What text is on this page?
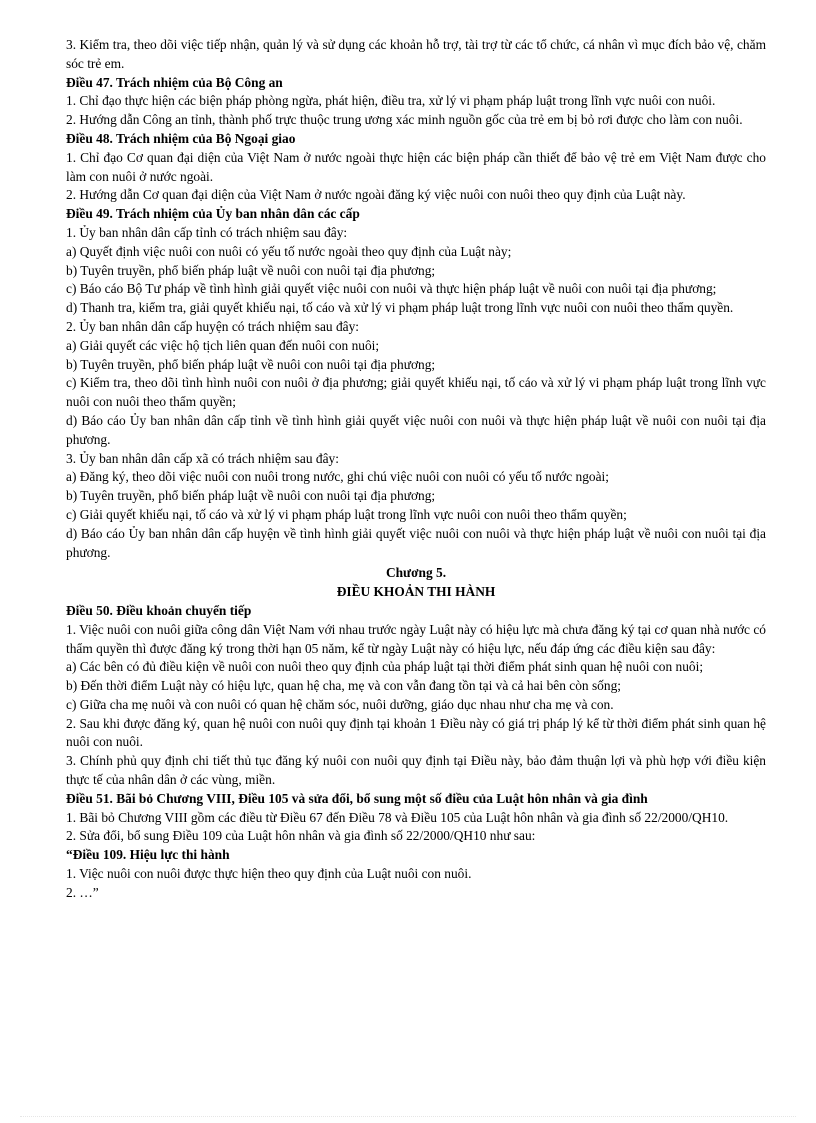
3. Kiểm tra, theo dõi việc tiếp nhận, quản lý và sử dụng các khoản hỗ trợ, tài trợ từ các tổ chức, cá nhân vì mục đích bảo vệ, chăm sóc trẻ em.
Điều 47. Trách nhiệm của Bộ Công an
1. Chỉ đạo thực hiện các biện pháp phòng ngừa, phát hiện, điều tra, xử lý vi phạm pháp luật trong lĩnh vực nuôi con nuôi.
2. Hướng dẫn Công an tỉnh, thành phố trực thuộc trung ương xác minh nguồn gốc của trẻ em bị bỏ rơi được cho làm con nuôi.
Điều 48. Trách nhiệm của Bộ Ngoại giao
1. Chỉ đạo Cơ quan đại diện của Việt Nam ở nước ngoài thực hiện các biện pháp cần thiết để bảo vệ trẻ em Việt Nam được cho làm con nuôi ở nước ngoài.
2. Hướng dẫn Cơ quan đại diện của Việt Nam ở nước ngoài đăng ký việc nuôi con nuôi theo quy định của Luật này.
Điều 49. Trách nhiệm của Ủy ban nhân dân các cấp
1. Ủy ban nhân dân cấp tỉnh có trách nhiệm sau đây:
a) Quyết định việc nuôi con nuôi có yếu tố nước ngoài theo quy định của Luật này;
b) Tuyên truyền, phổ biến pháp luật về nuôi con nuôi tại địa phương;
c) Báo cáo Bộ Tư pháp về tình hình giải quyết việc nuôi con nuôi và thực hiện pháp luật về nuôi con nuôi tại địa phương;
d) Thanh tra, kiểm tra, giải quyết khiếu nại, tố cáo và xử lý vi phạm pháp luật trong lĩnh vực nuôi con nuôi theo thẩm quyền.
2. Ủy ban nhân dân cấp huyện có trách nhiệm sau đây:
a) Giải quyết các việc hộ tịch liên quan đến nuôi con nuôi;
b) Tuyên truyền, phổ biến pháp luật về nuôi con nuôi tại địa phương;
c) Kiểm tra, theo dõi tình hình nuôi con nuôi ở địa phương; giải quyết khiếu nại, tố cáo và xử lý vi phạm pháp luật trong lĩnh vực nuôi con nuôi theo thẩm quyền;
d) Báo cáo Ủy ban nhân dân cấp tỉnh về tình hình giải quyết việc nuôi con nuôi và thực hiện pháp luật về nuôi con nuôi tại địa phương.
3. Ủy ban nhân dân cấp xã có trách nhiệm sau đây:
a) Đăng ký, theo dõi việc nuôi con nuôi trong nước, ghi chú việc nuôi con nuôi có yếu tố nước ngoài;
b) Tuyên truyền, phổ biến pháp luật về nuôi con nuôi tại địa phương;
c) Giải quyết khiếu nại, tố cáo và xử lý vi phạm pháp luật trong lĩnh vực nuôi con nuôi theo thẩm quyền;
d) Báo cáo Ủy ban nhân dân cấp huyện về tình hình giải quyết việc nuôi con nuôi và thực hiện pháp luật về nuôi con nuôi tại địa phương.
Chương 5.
ĐIỀU KHOẢN THI HÀNH
Điều 50. Điều khoản chuyển tiếp
1. Việc nuôi con nuôi giữa công dân Việt Nam với nhau trước ngày Luật này có hiệu lực mà chưa đăng ký tại cơ quan nhà nước có thẩm quyền thì được đăng ký trong thời hạn 05 năm, kể từ ngày Luật này có hiệu lực, nếu đáp ứng các điều kiện sau đây:
a) Các bên có đủ điều kiện về nuôi con nuôi theo quy định của pháp luật tại thời điểm phát sinh quan hệ nuôi con nuôi;
b) Đến thời điểm Luật này có hiệu lực, quan hệ cha, mẹ và con vẫn đang tồn tại và cả hai bên còn sống;
c) Giữa cha mẹ nuôi và con nuôi có quan hệ chăm sóc, nuôi dưỡng, giáo dục nhau như cha mẹ và con.
2. Sau khi được đăng ký, quan hệ nuôi con nuôi quy định tại khoản 1 Điều này có giá trị pháp lý kể từ thời điểm phát sinh quan hệ nuôi con nuôi.
3. Chính phủ quy định chi tiết thủ tục đăng ký nuôi con nuôi quy định tại Điều này, bảo đảm thuận lợi và phù hợp với điều kiện thực tế của nhân dân ở các vùng, miền.
Điều 51. Bãi bỏ Chương VIII, Điều 105 và sửa đổi, bổ sung một số điều của Luật hôn nhân và gia đình
1. Bãi bỏ Chương VIII gồm các điều từ Điều 67 đến Điều 78 và Điều 105 của Luật hôn nhân và gia đình số 22/2000/QH10.
2. Sửa đổi, bổ sung Điều 109 của Luật hôn nhân và gia đình số 22/2000/QH10 như sau:
“Điều 109. Hiệu lực thi hành
1. Việc nuôi con nuôi được thực hiện theo quy định của Luật nuôi con nuôi.
2. …”
